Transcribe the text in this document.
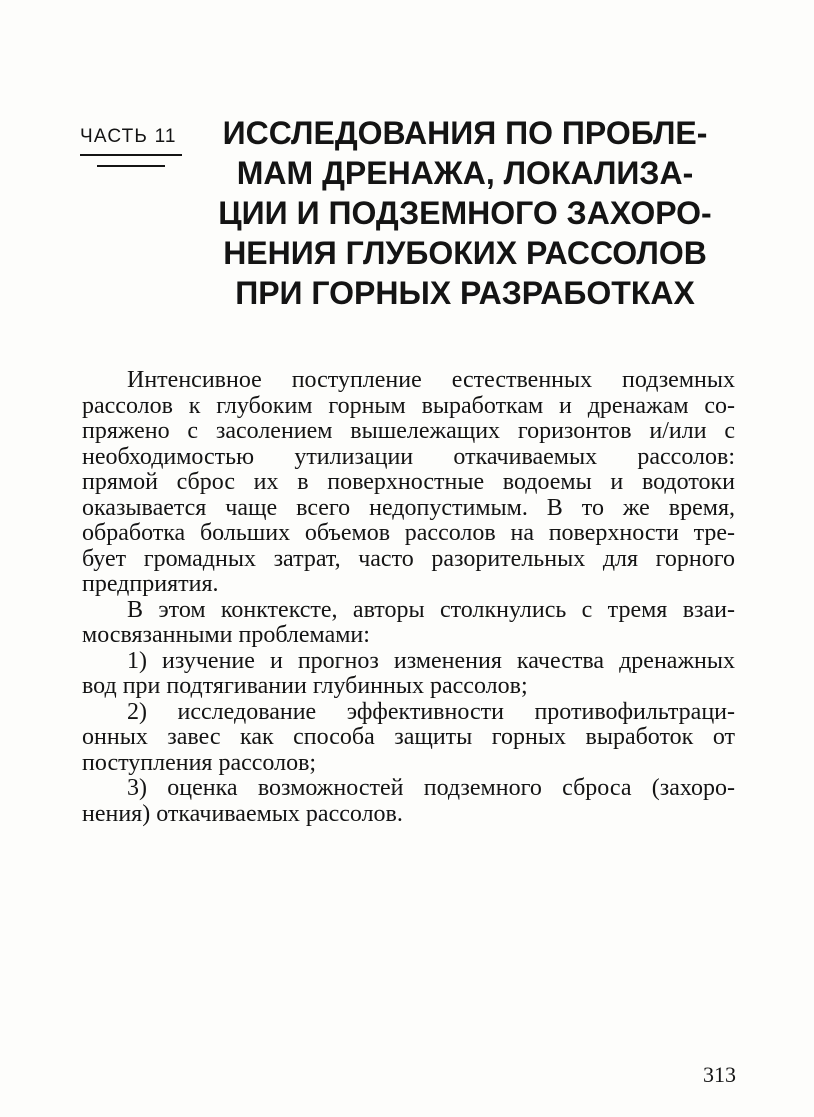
ЧАСТЬ 11	ИССЛЕДОВАНИЯ ПО ПРОБЛЕ-
МАМ ДРЕНАЖА, ЛОКАЛИЗА-
ЦИИ И ПОДЗЕМНОГО ЗАХОРО-
НЕНИЯ ГЛУБОКИХ РАССОЛОВ
ПРИ ГОРНЫХ РАЗРАБОТКАХ
Интенсивное поступление естественных подземных
рассолов к глубоким горным выработкам и дренажам со-
пряжено с засолением вышележащих горизонтов и/или с
необходимостью утилизации откачиваемых рассолов:
прямой сброс их в поверхностные водоемы и водотоки
оказывается чаще всего недопустимым. В то же время,
обработка больших объемов рассолов на поверхности тре-
бует громадных затрат, часто разорительных для горного
предприятия.
В этом конктексте, авторы столкнулись с тремя взаи-
мосвязанными проблемами:
1) изучение и прогноз изменения качества дренажных
вод при подтягивании глубинных рассолов;
2) исследование эффективности противофильтраци-
онных завес как способа защиты горных выработок от
поступления рассолов;
3) оценка возможностей подземного сброса (захоро-
нения) откачиваемых рассолов.
313
